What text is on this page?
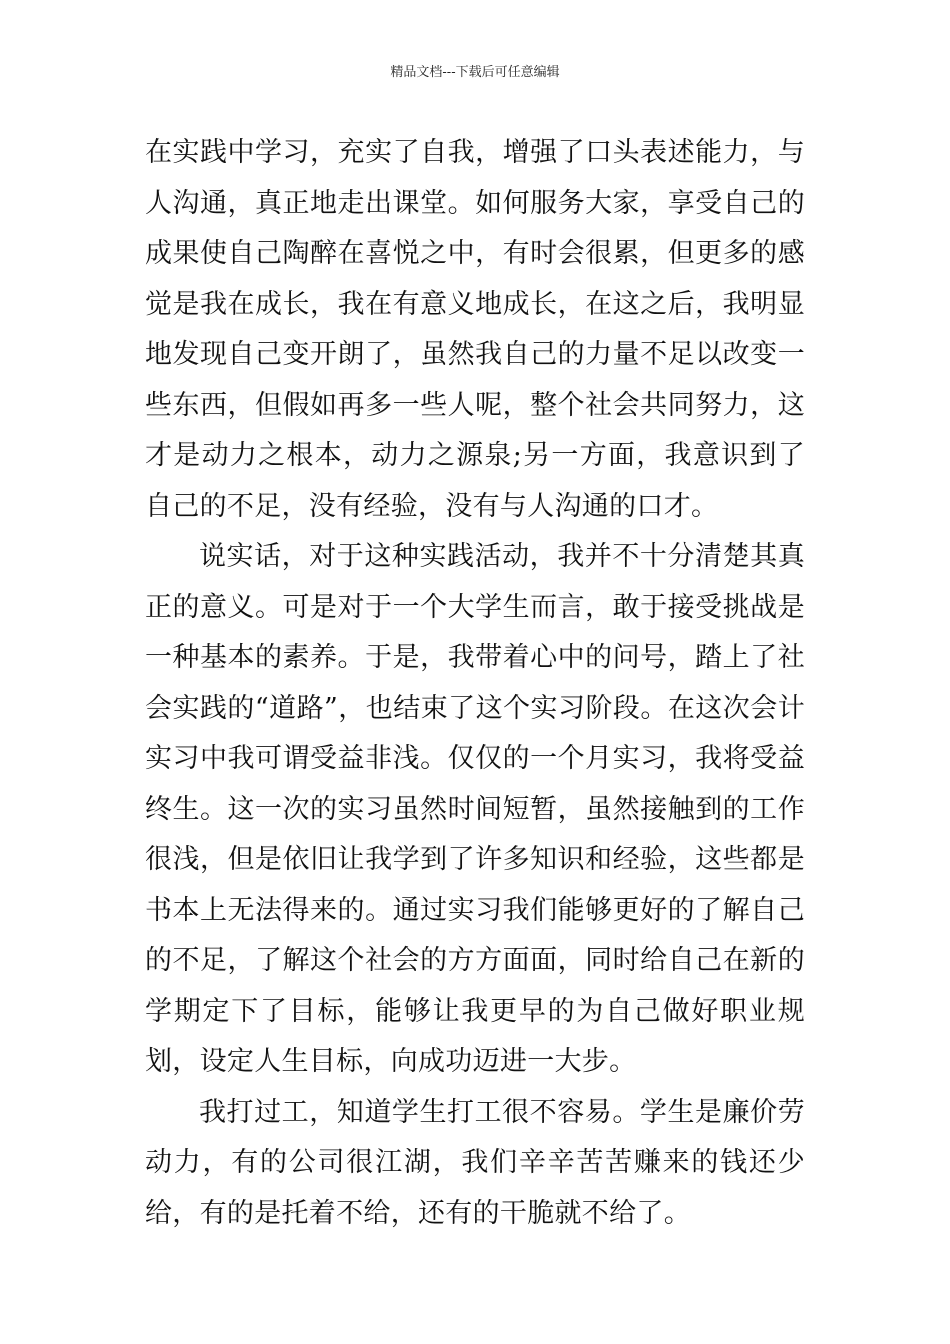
精品文档---下载后可任意编辑

在实践中学习，充实了自我，增强了口头表述能力，与人沟通，真正地走出课堂。如何服务大家，享受自己的成果使自己陶醉在喜悦之中，有时会很累，但更多的感觉是我在成长，我在有意义地成长，在这之后，我明显地发现自己变开朗了，虽然我自己的力量不足以改变一些东西，但假如再多一些人呢，整个社会共同努力，这才是动力之根本，动力之源泉;另一方面，我意识到了自己的不足，没有经验，没有与人沟通的口才。

说实话，对于这种实践活动，我并不十分清楚其真正的意义。可是对于一个大学生而言，敢于接受挑战是一种基本的素养。于是，我带着心中的问号，踏上了社会实践的“道路”，也结束了这个实习阶段。在这次会计实习中我可谓受益非浅。仅仅的一个月实习，我将受益终生。这一次的实习虽然时间短暂，虽然接触到的工作很浅，但是依旧让我学到了许多知识和经验，这些都是书本上无法得来的。通过实习我们能够更好的了解自己的不足，了解这个社会的方方面面，同时给自己在新的学期定下了目标，能够让我更早的为自己做好职业规划，设定人生目标，向成功迈进一大步。

我打过工，知道学生打工很不容易。学生是廉价劳动力，有的公司很江湖，我们辛辛苦苦赚来的钱还少给，有的是托着不给，还有的干脆就不给了。
